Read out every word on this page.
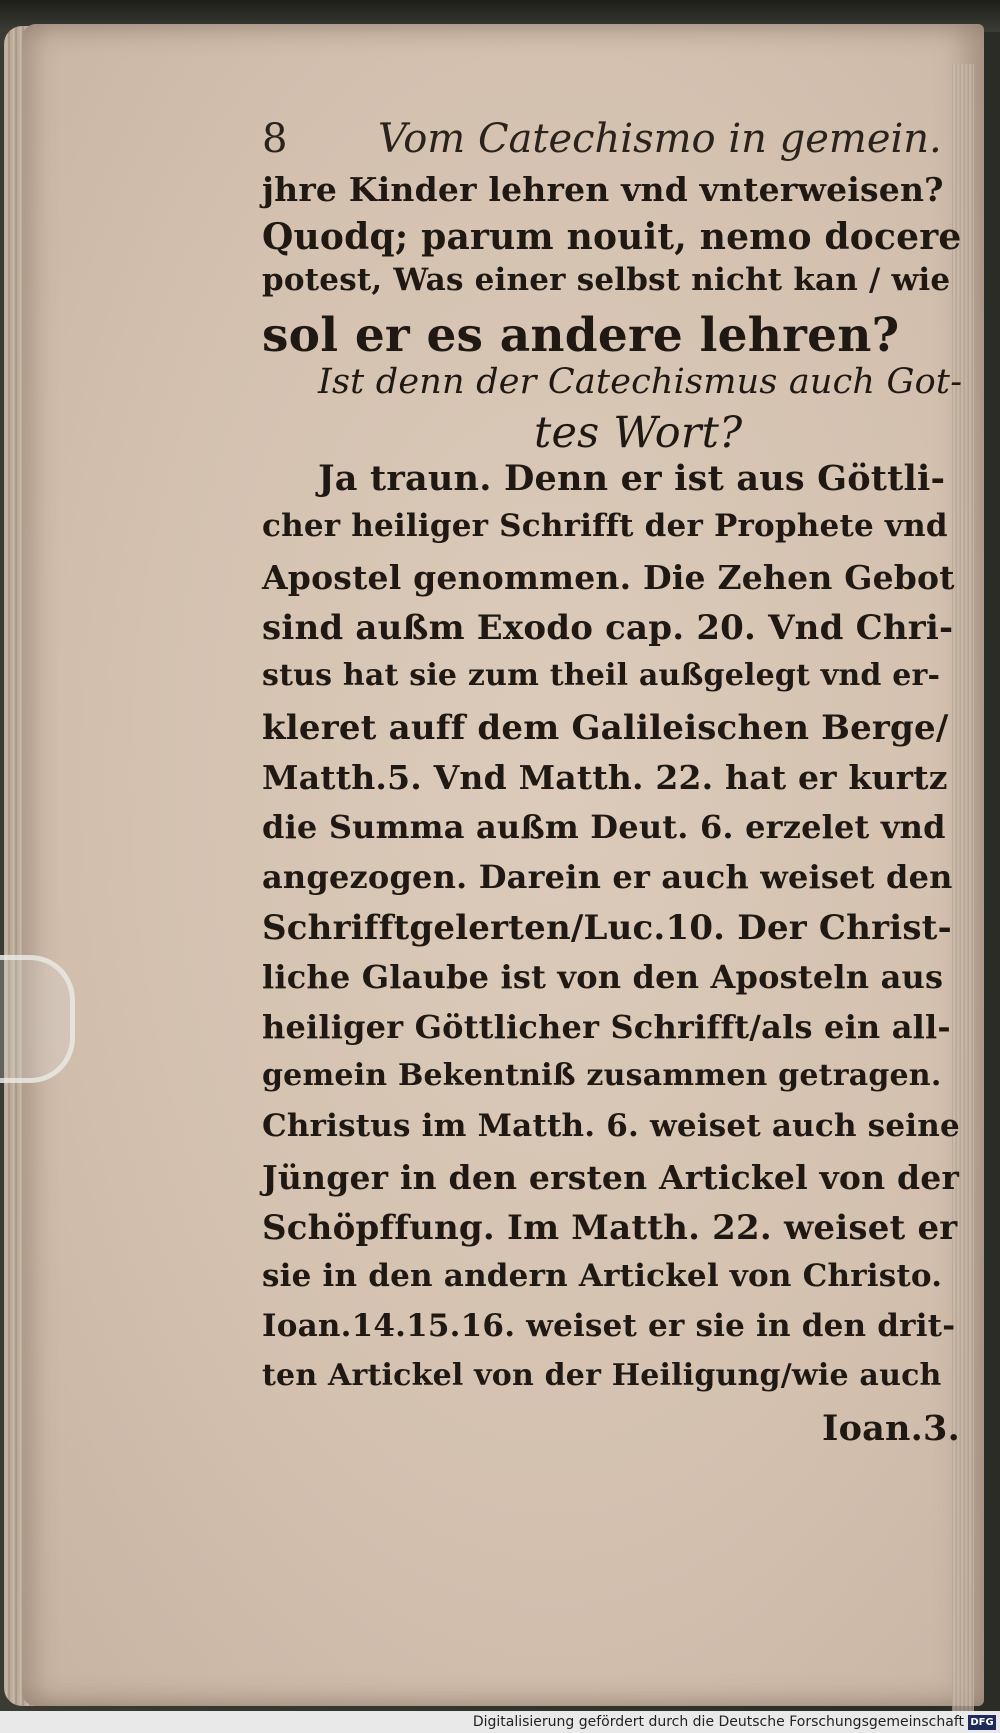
8 Vom Catechismo in gemein.
jhre Kinder lehren vnd vnterweisen?
Quodq; parum nouit, nemo docere
potest, Was einer selbst nicht kan / wie
sol er es andere lehren?
Ist denn der Catechismus auch Got-
tes Wort?
Ja traun. Denn er ist aus Göttli-
cher heiliger Schrifft der Prophete vnd
Apostel genommen. Die Zehen Gebot
sind außm Exodo cap. 20. Vnd Chri-
stus hat sie zum theil außgelegt vnd er-
kleret auff dem Galileischen Berge/
Matth.5. Vnd Matth. 22. hat er kurtz
die Summa außm Deut. 6. erzelet vnd
angezogen. Darein er auch weiset den
Schrifftgelerten/Luc.10. Der Christ-
liche Glaube ist von den Aposteln aus
heiliger Göttlicher Schrifft/als ein all-
gemein Bekentniß zusammen getragen.
Christus im Matth. 6. weiset auch seine
Jünger in den ersten Artickel von der
Schöpffung. Im Matth. 22. weiset er
sie in den andern Artickel von Christo.
Ioan.14.15.16. weiset er sie in den drit-
ten Artickel von der Heiligung/wie auch
Ioan.3.
Digitalisierung gefördert durch die Deutsche Forschungsgemeinschaft DFG
